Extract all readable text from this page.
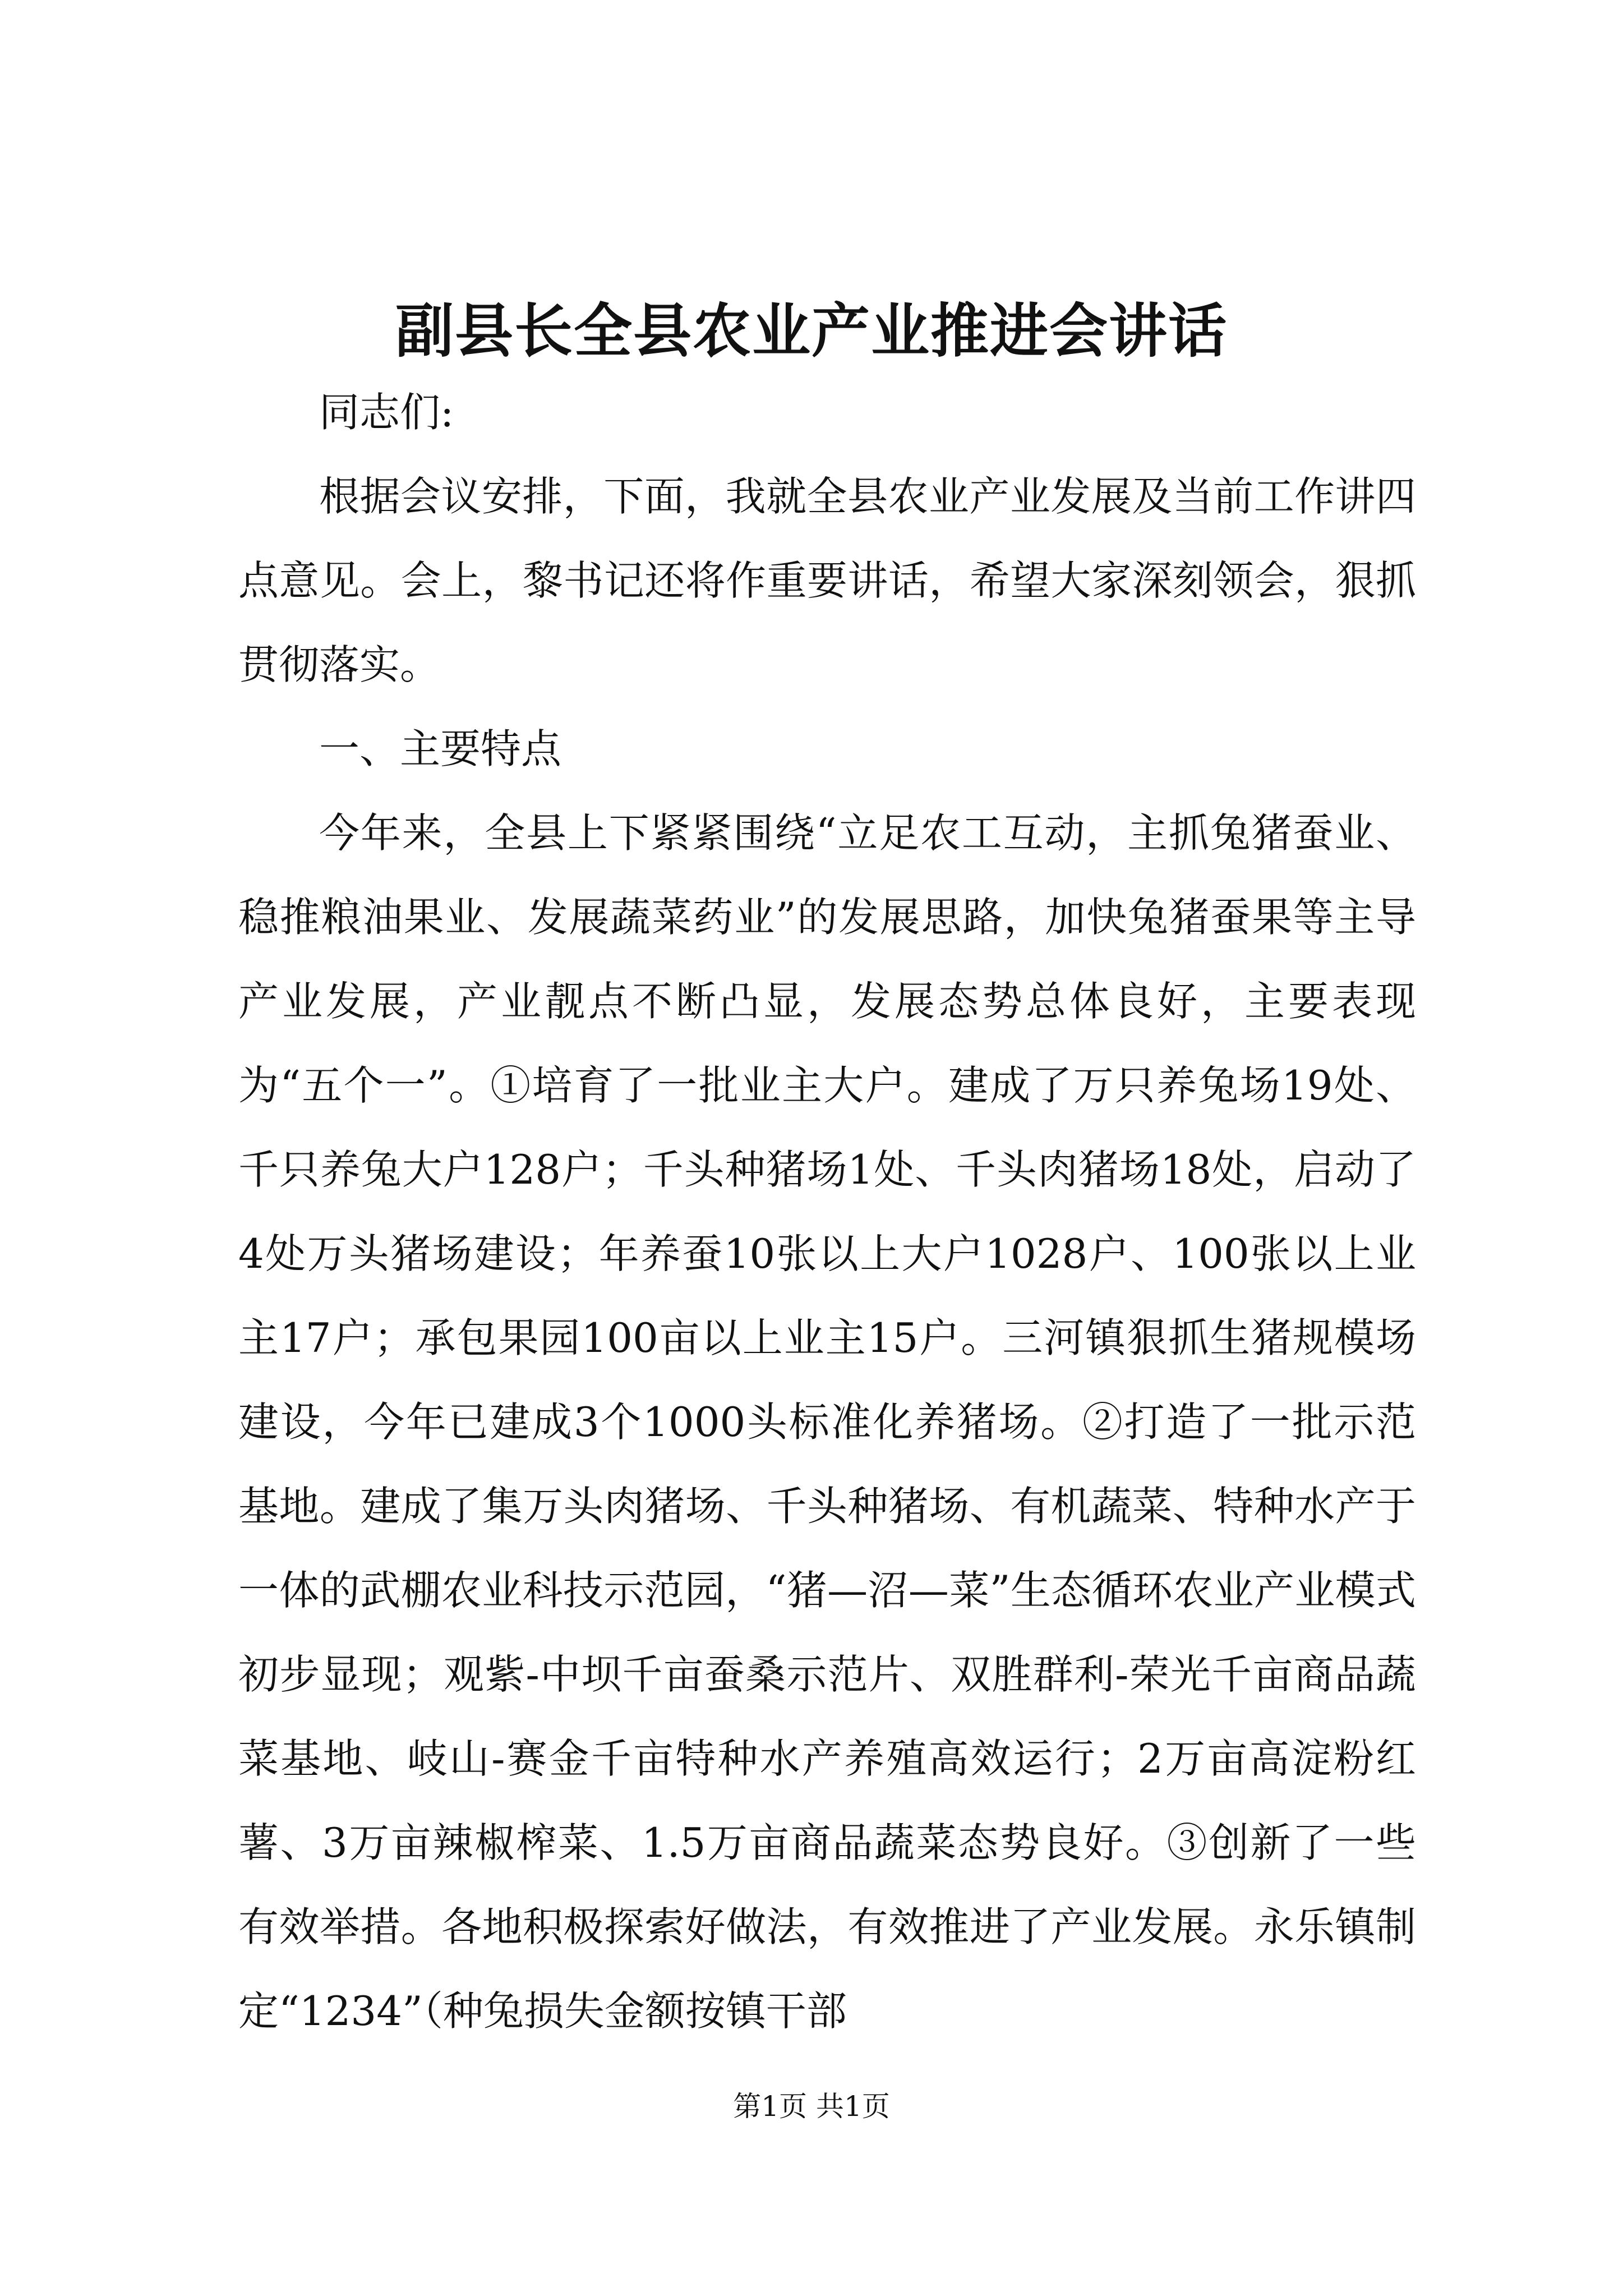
副县长全县农业产业推进会讲话

同志们:

根据会议安排，下面，我就全县农业产业发展及当前工作讲四点意见。会上，黎书记还将作重要讲话，希望大家深刻领会，狠抓贯彻落实。

一、主要特点

今年来，全县上下紧紧围绕“立足农工互动，主抓兔猪蚕业、稳推粮油果业、发展蔬菜药业”的发展思路，加快兔猪蚕果等主导产业发展，产业靓点不断凸显，发展态势总体良好，主要表现为“五个一”。①培育了一批业主大户。建成了万只养兔场19处、千只养兔大户128户；千头种猪场1处、千头肉猪场18处，启动了4处万头猪场建设；年养蚕10张以上大户1028户、100张以上业主17户；承包果园100亩以上业主15户。三河镇狠抓生猪规模场建设，今年已建成3个1000头标准化养猪场。②打造了一批示范基地。建成了集万头肉猪场、千头种猪场、有机蔬菜、特种水产于一体的武棚农业科技示范园，“猪—沼—菜”生态循环农业产业模式初步显现；观紫-中坝千亩蚕桑示范片、双胜群利-荣光千亩商品蔬菜基地、岐山-赛金千亩特种水产养殖高效运行；2万亩高淀粉红薯、3万亩辣椒榨菜、1.5万亩商品蔬菜态势良好。③创新了一些有效举措。各地积极探索好做法，有效推进了产业发展。永乐镇制定“1234”（种兔损失金额按镇干部

第1页 共1页
